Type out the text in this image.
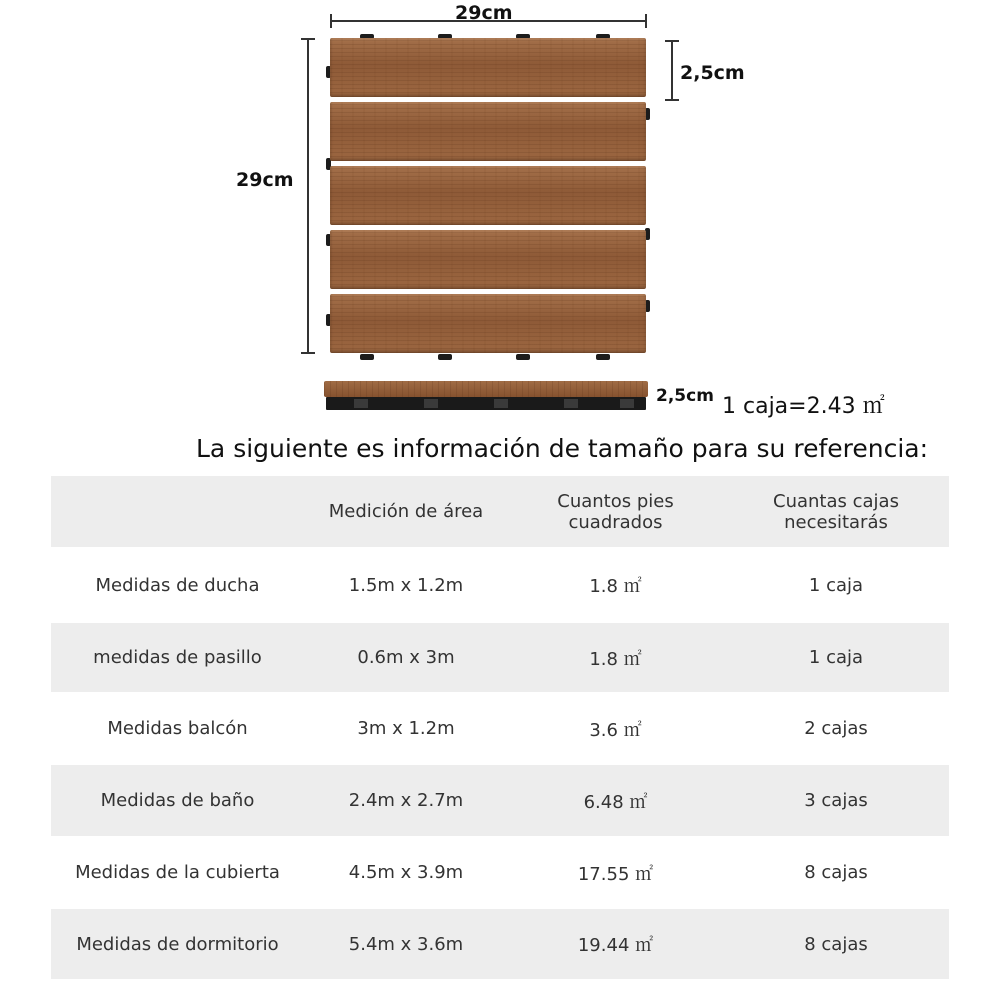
29cm
29cm
2,5cm
2,5cm 1 caja=2.43 ㎡
La siguiente es información de tamaño para su referencia:
	Medición de área	Cuantos pies cuadrados	Cuantas cajas necesitarás
Medidas de ducha	1.5m x 1.2m	1.8 ㎡	1 caja
medidas de pasillo	0.6m x 3m	1.8 ㎡	1 caja
Medidas balcón	3m x 1.2m	3.6 ㎡	2 cajas
Medidas de baño	2.4m x 2.7m	6.48 ㎡	3 cajas
Medidas de la cubierta	4.5m x 3.9m	17.55 ㎡	8 cajas
Medidas de dormitorio	5.4m x 3.6m	19.44 ㎡	8 cajas
